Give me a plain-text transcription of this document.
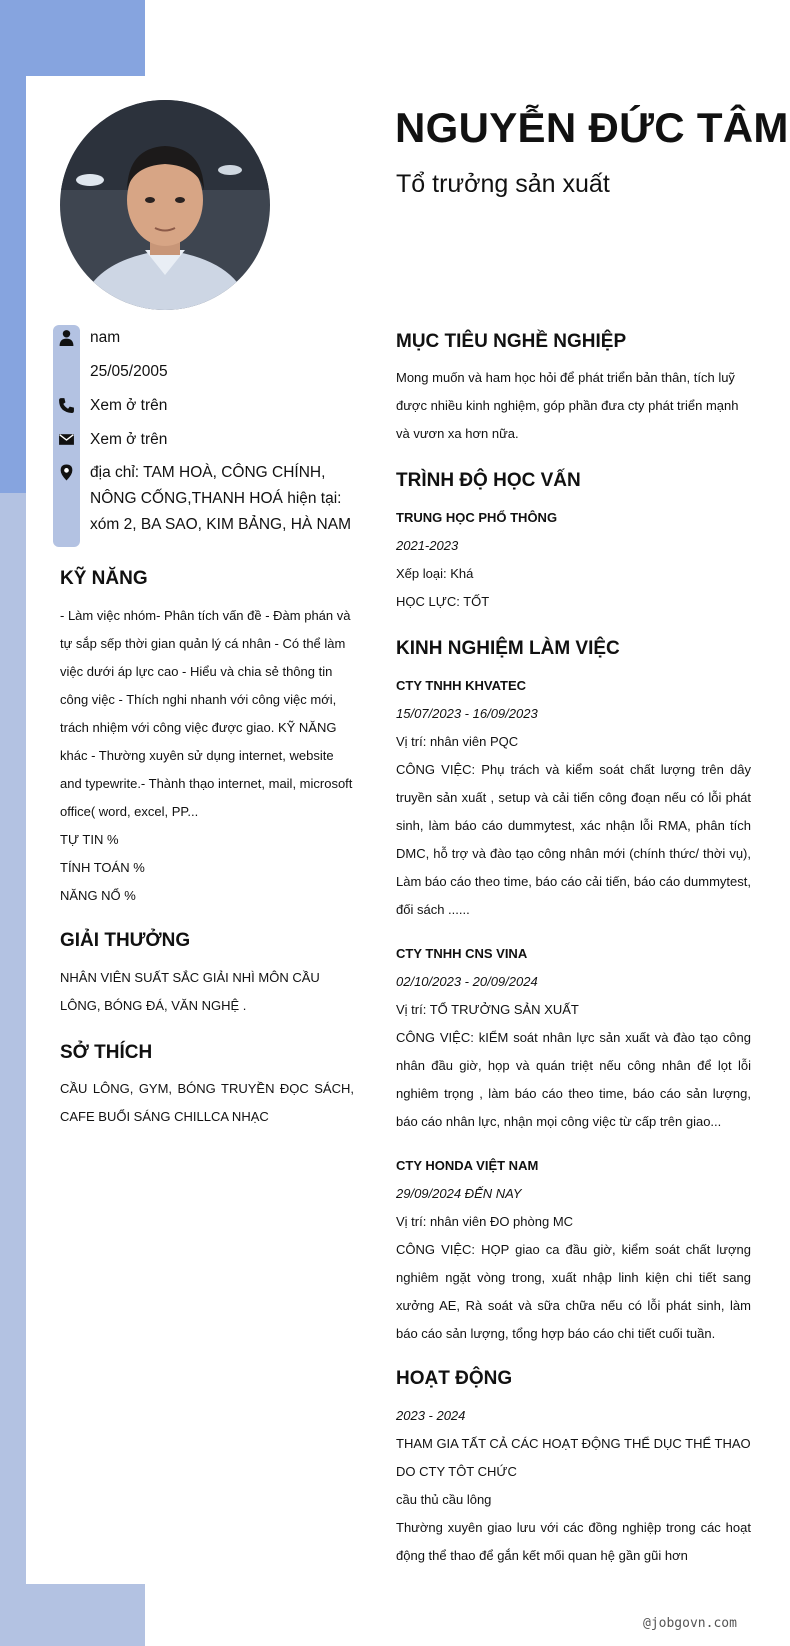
NGUYỄN ĐỨC TÂM
Tổ trưởng sản xuất
nam
25/05/2005
Xem ở trên
Xem ở trên
địa chỉ: TAM HOÀ, CÔNG CHÍNH, NÔNG CỐNG,THANH HOÁ hiện tại: xóm 2, BA SAO, KIM BẢNG, HÀ NAM
KỸ NĂNG
- Làm việc nhóm- Phân tích vấn đề - Đàm phán và tự sắp sếp thời gian quản lý cá nhân - Có thể làm việc dưới áp lực cao - Hiểu và chia sẻ thông tin công việc - Thích nghi nhanh với công việc mới, trách nhiệm với công việc được giao. KỸ NĂNG khác - Thường xuyên sử dụng internet, website and typewrite.- Thành thạo internet, mail, microsoft office( word, excel, PP...
TỰ TIN %
TÍNH TOÁN %
NĂNG NỔ %
GIẢI THƯỞNG
NHÂN VIÊN SUẤT SẮC GIẢI NHÌ MÔN CẦU LÔNG, BÓNG ĐÁ, VĂN NGHỆ .
SỞ THÍCH
CẦU LÔNG, GYM, BÓNG TRUYỀN ĐỌC SÁCH, CAFE BUỔI SÁNG CHILLCA NHẠC
MỤC TIÊU NGHỀ NGHIỆP
Mong muốn và ham học hỏi để phát triển bản thân, tích luỹ được nhiều kinh nghiệm, góp phần đưa cty phát triển mạnh và vươn xa hơn nữa.
TRÌNH ĐỘ HỌC VẤN
TRUNG HỌC PHỔ THÔNG
2021-2023
Xếp loại: Khá
HỌC LỰC: TỐT
KINH NGHIỆM LÀM VIỆC
CTY TNHH KHVATEC
15/07/2023 - 16/09/2023
Vị trí: nhân viên PQC
CÔNG VIỆC: Phụ trách và kiểm soát chất lượng trên dây truyền sản xuất , setup và cải tiến công đoạn nếu có lỗi phát sinh, làm báo cáo dummytest, xác nhận lỗi RMA, phân tích DMC, hỗ trợ và đào tạo công nhân mới (chính thức/ thời vụ), Làm báo cáo theo time, báo cáo cải tiến, báo cáo dummytest, đối sách ......
CTY TNHH CNS VINA
02/10/2023 - 20/09/2024
Vị trí: TỔ TRƯỞNG SẢN XUẤT
CÔNG VIỆC: kIỂM soát nhân lực sản xuất và đào tạo công nhân đầu giờ, họp và quán triệt nếu công nhân để lọt lỗi nghiêm trọng , làm báo cáo theo time, báo cáo sản lượng, báo cáo nhân lực, nhận mọi công việc từ cấp trên giao...
CTY HONDA VIỆT NAM
29/09/2024 ĐẾN NAY
Vị trí: nhân viên ĐO phòng MC
CÔNG VIỆC: HỌP giao ca đầu giờ, kiểm soát chất lượng nghiêm ngặt vòng trong, xuất nhập linh kiện chi tiết sang xưởng AE, Rà soát và sữa chữa nếu có lỗi phát sinh, làm báo cáo sản lượng, tổng hợp báo cáo chi tiết cuối tuần.
HOẠT ĐỘNG
2023 - 2024
THAM GIA TẤT CẢ CÁC HOẠT ĐỘNG THỂ DỤC THỂ THAO DO CTY TÔT CHỨC
cầu thủ cầu lông
Thường xuyên giao lưu với các đồng nghiệp trong các hoạt động thể thao để gắn kết mối quan hệ gần gũi hơn
@jobgovn.com
